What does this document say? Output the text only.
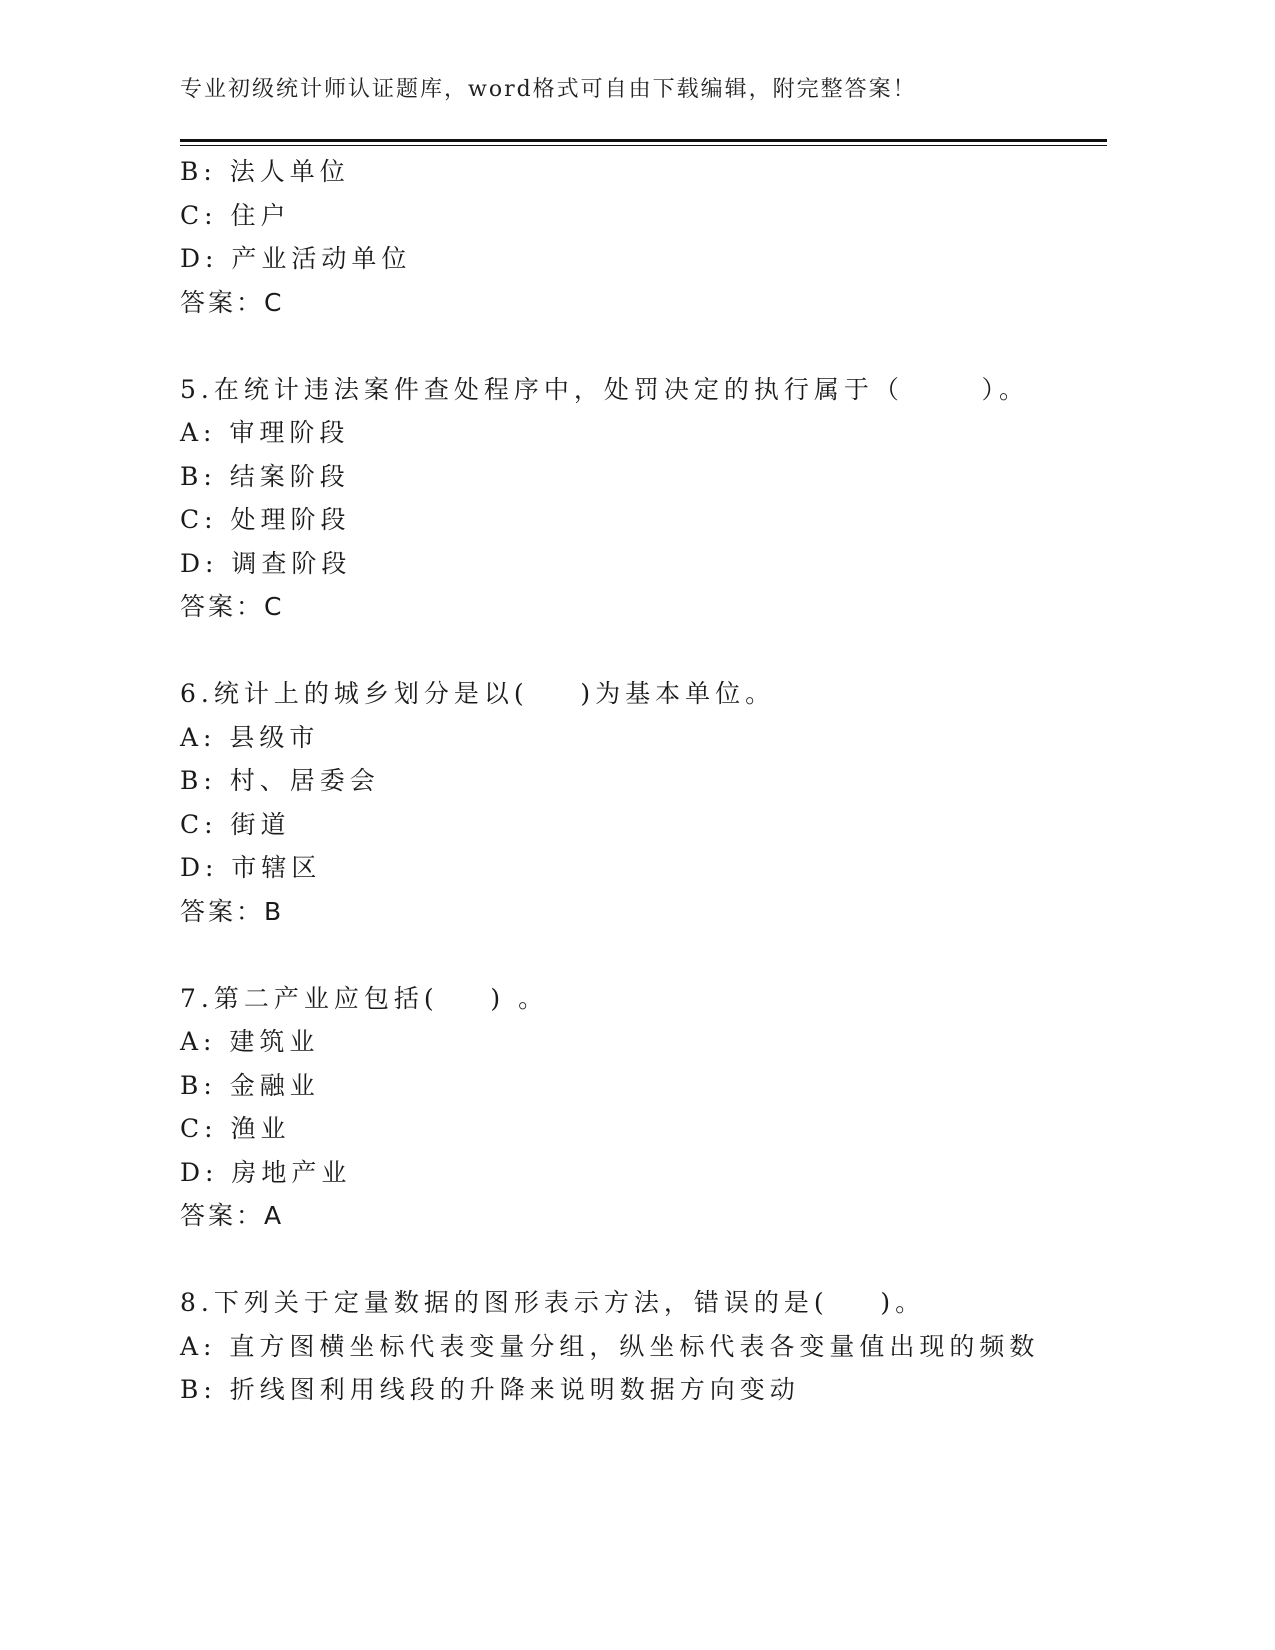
专业初级统计师认证题库，word格式可自由下载编辑，附完整答案！
B: 法人单位
C: 住户
D: 产业活动单位
答案：C
5.在统计违法案件查处程序中，处罚决定的执行属于（      ）。
A: 审理阶段
B: 结案阶段
C: 处理阶段
D: 调查阶段
答案：C
6.统计上的城乡划分是以(    )为基本单位。
A: 县级市
B: 村、居委会
C: 街道
D: 市辖区
答案：B
7.第二产业应包括(    ) 。
A: 建筑业
B: 金融业
C: 渔业
D: 房地产业
答案：A
8.下列关于定量数据的图形表示方法，错误的是(    )。
A: 直方图横坐标代表变量分组，纵坐标代表各变量值出现的频数
B: 折线图利用线段的升降来说明数据方向变动
